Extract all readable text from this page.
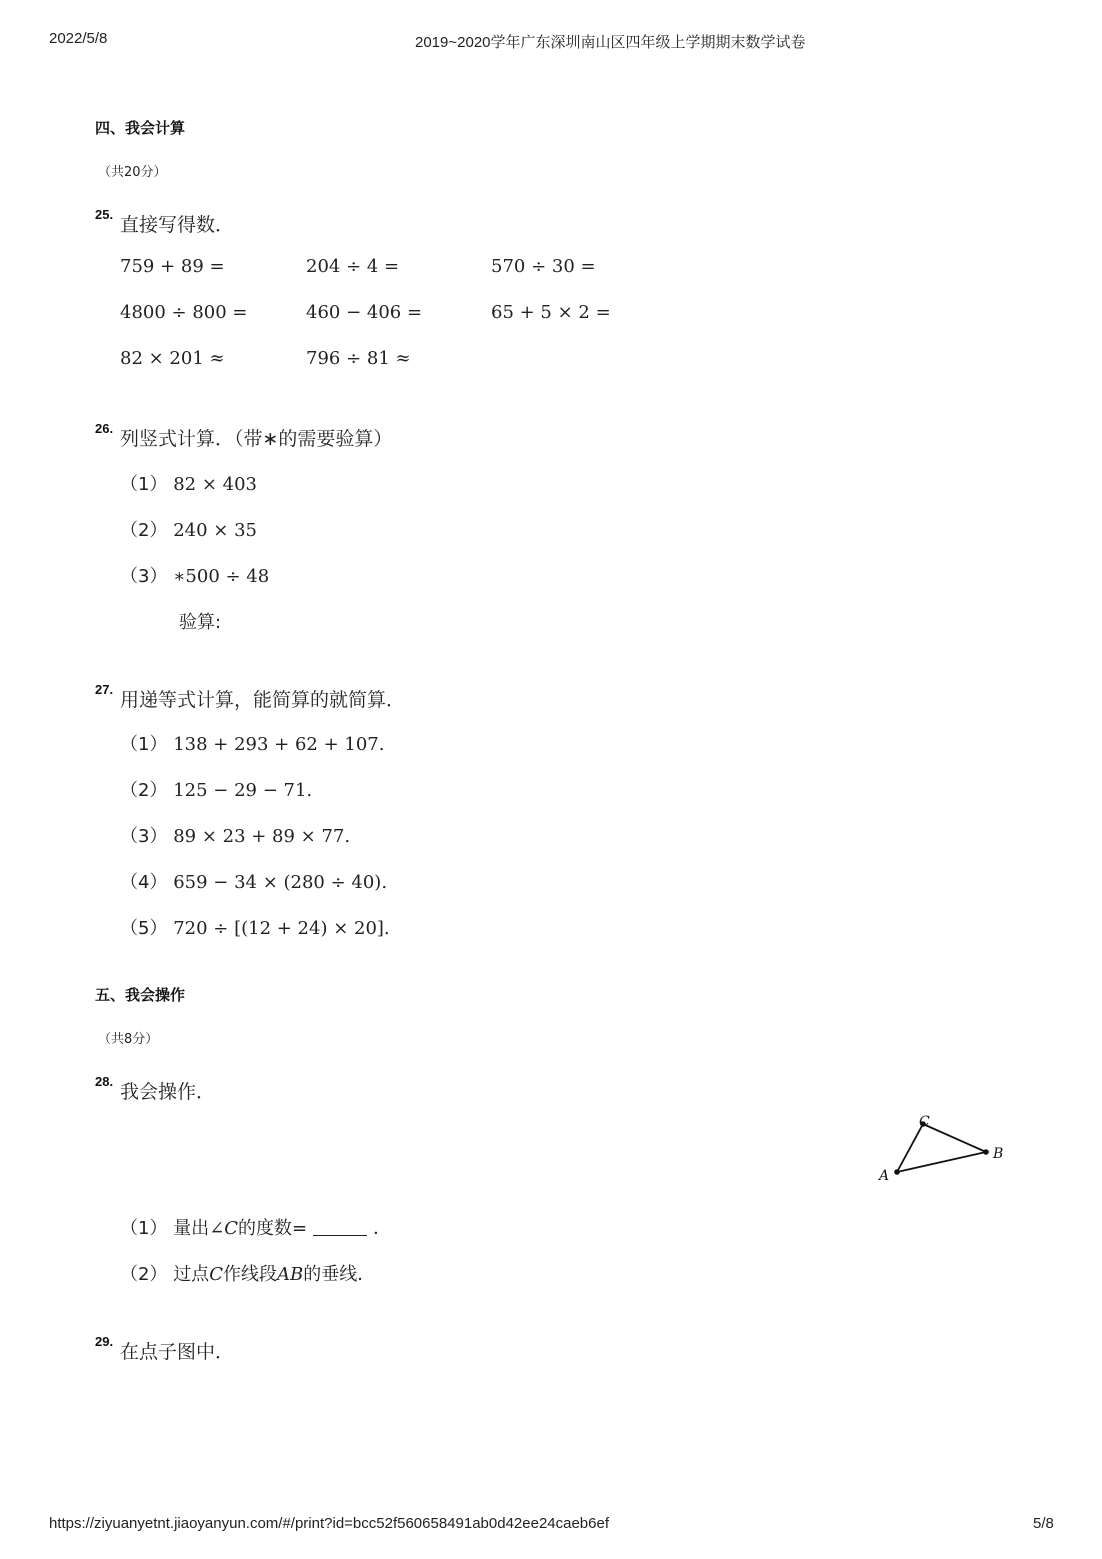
2022/5/8	2019~2020学年广东深圳南山区四年级上学期期末数学试卷
四、我会计算
（共20分）
25. 直接写得数．
759 + 89 =	204 ÷ 4 =	570 ÷ 30 =
4800 ÷ 800 =	460 − 406 =	65 + 5 × 2 =
82 × 201 ≈	796 ÷ 81 ≈
26. 列竖式计算．（带∗的需要验算）
（1） 82 × 403
（2） 240 × 35
（3） ∗500 ÷ 48
验算:
27. 用递等式计算，能简算的就简算．
（1） 138 + 293 + 62 + 107.
（2） 125 − 29 − 71.
（3） 89 × 23 + 89 × 77.
（4） 659 − 34 × (280 ÷ 40).
（5） 720 ÷ [(12 + 24) × 20].
五、我会操作
（共8分）
28. 我会操作．
A
C
B
（1） 量出∠C的度数=	．
（2） 过点C作线段AB的垂线．
29. 在点子图中．
https://ziyuanyetnt.jiaoyanyun.com/#/print?id=bcc52f560658491ab0d42ee24caeb6ef	5/8
